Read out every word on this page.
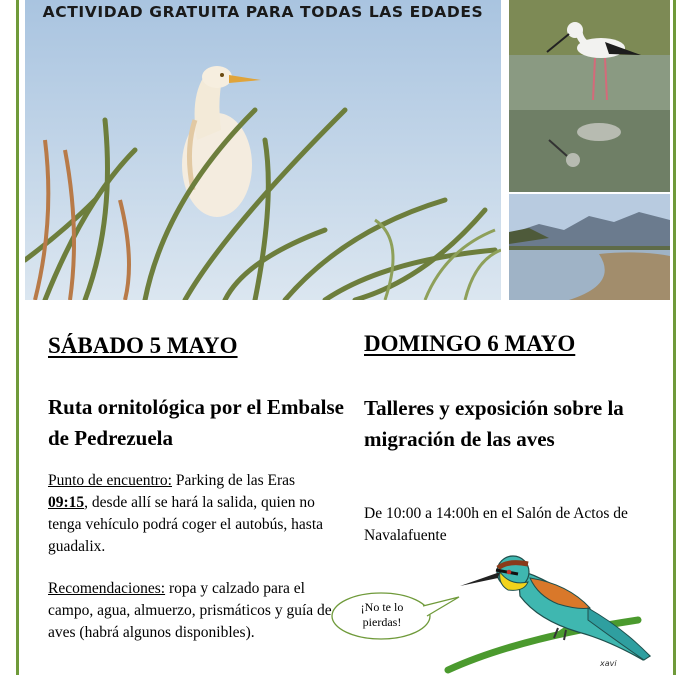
ACTIVIDAD GRATUITA PARA TODAS LAS EDADES
SÁBADO 5 MAYO
Ruta ornitológica por el Embalse de Pedrezuela
Punto de encuentro: Parking de las Eras 09:15, desde allí se hará la salida, quien no tenga vehículo podrá coger el autobús, hasta guadalix.
Recomendaciones: ropa y calzado para el campo, agua, almuerzo, prismáticos y guía de aves (habrá algunos disponibles).
DOMINGO 6 MAYO
Talleres y exposición sobre la migración de las aves
De 10:00 a 14:00h en el Salón de Actos de Navalafuente
¡No te lo
pierdas!
xavi
